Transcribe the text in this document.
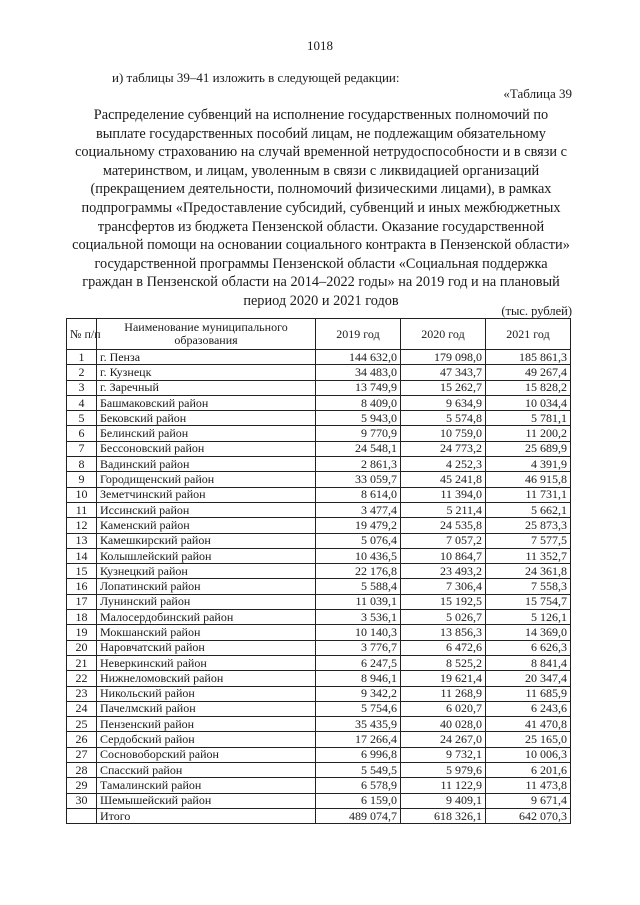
1018
и) таблицы 39–41 изложить в следующей редакции:
«Таблица 39
Распределение субвенций на исполнение государственных полномочий по выплате государственных пособий лицам, не подлежащим обязательному социальному страхованию на случай временной нетрудоспособности и в связи с материнством, и лицам, уволенным в связи с ликвидацией организаций (прекращением деятельности, полномочий физическими лицами), в рамках подпрограммы «Предоставление субсидий, субвенций и иных межбюджетных трансфертов из бюджета Пензенской области. Оказание государственной социальной помощи на основании социального контракта в Пензенской области» государственной программы Пензенской области «Социальная поддержка граждан в Пензенской области на 2014–2022 годы» на 2019 год и на плановый период 2020 и 2021 годов
(тыс. рублей)
№ п/п	Наименование муниципального образования	2019 год	2020 год	2021 год
1	г. Пенза	144 632,0	179 098,0	185 861,3
2	г. Кузнецк	34 483,0	47 343,7	49 267,4
3	г. Заречный	13 749,9	15 262,7	15 828,2
4	Башмаковский район	8 409,0	9 634,9	10 034,4
5	Бековский район	5 943,0	5 574,8	5 781,1
6	Белинский район	9 770,9	10 759,0	11 200,2
7	Бессоновский район	24 548,1	24 773,2	25 689,9
8	Вадинский район	2 861,3	4 252,3	4 391,9
9	Городищенский район	33 059,7	45 241,8	46 915,8
10	Земетчинский район	8 614,0	11 394,0	11 731,1
11	Иссинский район	3 477,4	5 211,4	5 662,1
12	Каменский район	19 479,2	24 535,8	25 873,3
13	Камешкирский район	5 076,4	7 057,2	7 577,5
14	Колышлейский район	10 436,5	10 864,7	11 352,7
15	Кузнецкий район	22 176,8	23 493,2	24 361,8
16	Лопатинский район	5 588,4	7 306,4	7 558,3
17	Лунинский район	11 039,1	15 192,5	15 754,7
18	Малосердобинский район	3 536,1	5 026,7	5 126,1
19	Мокшанский район	10 140,3	13 856,3	14 369,0
20	Наровчатский район	3 776,7	6 472,6	6 626,3
21	Неверкинский район	6 247,5	8 525,2	8 841,4
22	Нижнеломовский район	8 946,1	19 621,4	20 347,4
23	Никольский район	9 342,2	11 268,9	11 685,9
24	Пачелмский район	5 754,6	6 020,7	6 243,6
25	Пензенский район	35 435,9	40 028,0	41 470,8
26	Сердобский район	17 266,4	24 267,0	25 165,0
27	Сосновоборский район	6 996,8	9 732,1	10 006,3
28	Спасский район	5 549,5	5 979,6	6 201,6
29	Тамалинский район	6 578,9	11 122,9	11 473,8
30	Шемышейский район	6 159,0	9 409,1	9 671,4
	Итого	489 074,7	618 326,1	642 070,3
